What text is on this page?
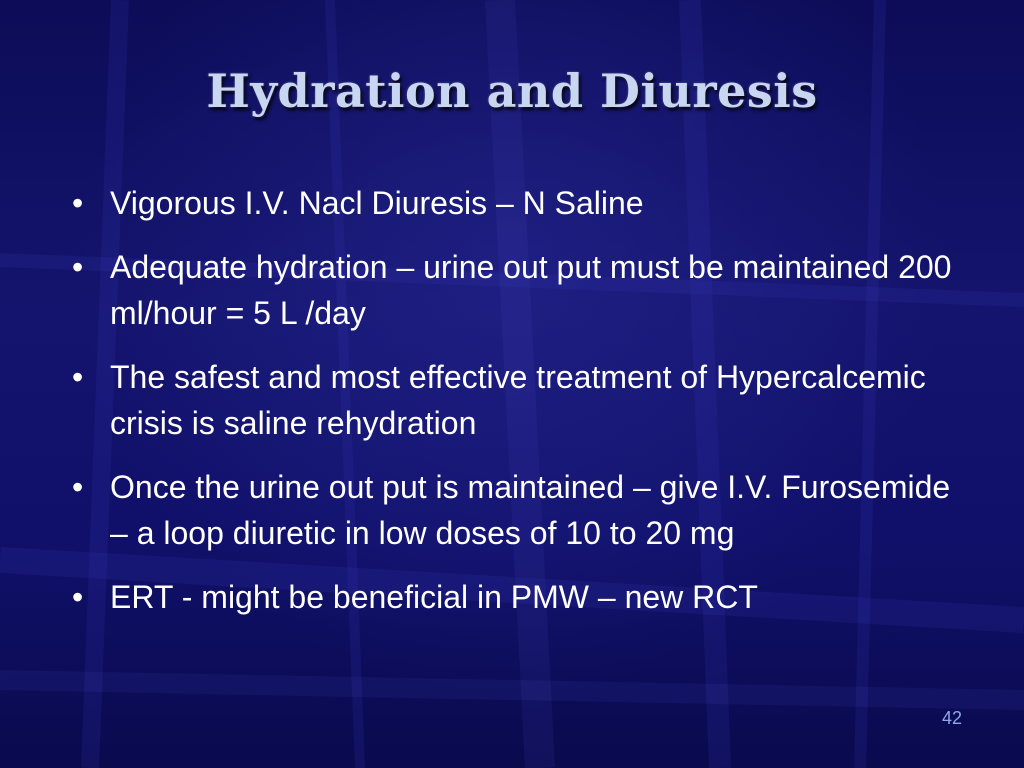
Hydration and Diuresis
• Vigorous I.V. Nacl Diuresis – N Saline
• Adequate hydration – urine out put must be maintained 200 ml/hour = 5 L /day
• The safest and most effective treatment of Hypercalcemic crisis is saline rehydration
• Once the urine out put is maintained – give I.V. Furosemide – a loop diuretic in low doses of 10 to 20 mg
• ERT - might be beneficial in PMW – new RCT
42
